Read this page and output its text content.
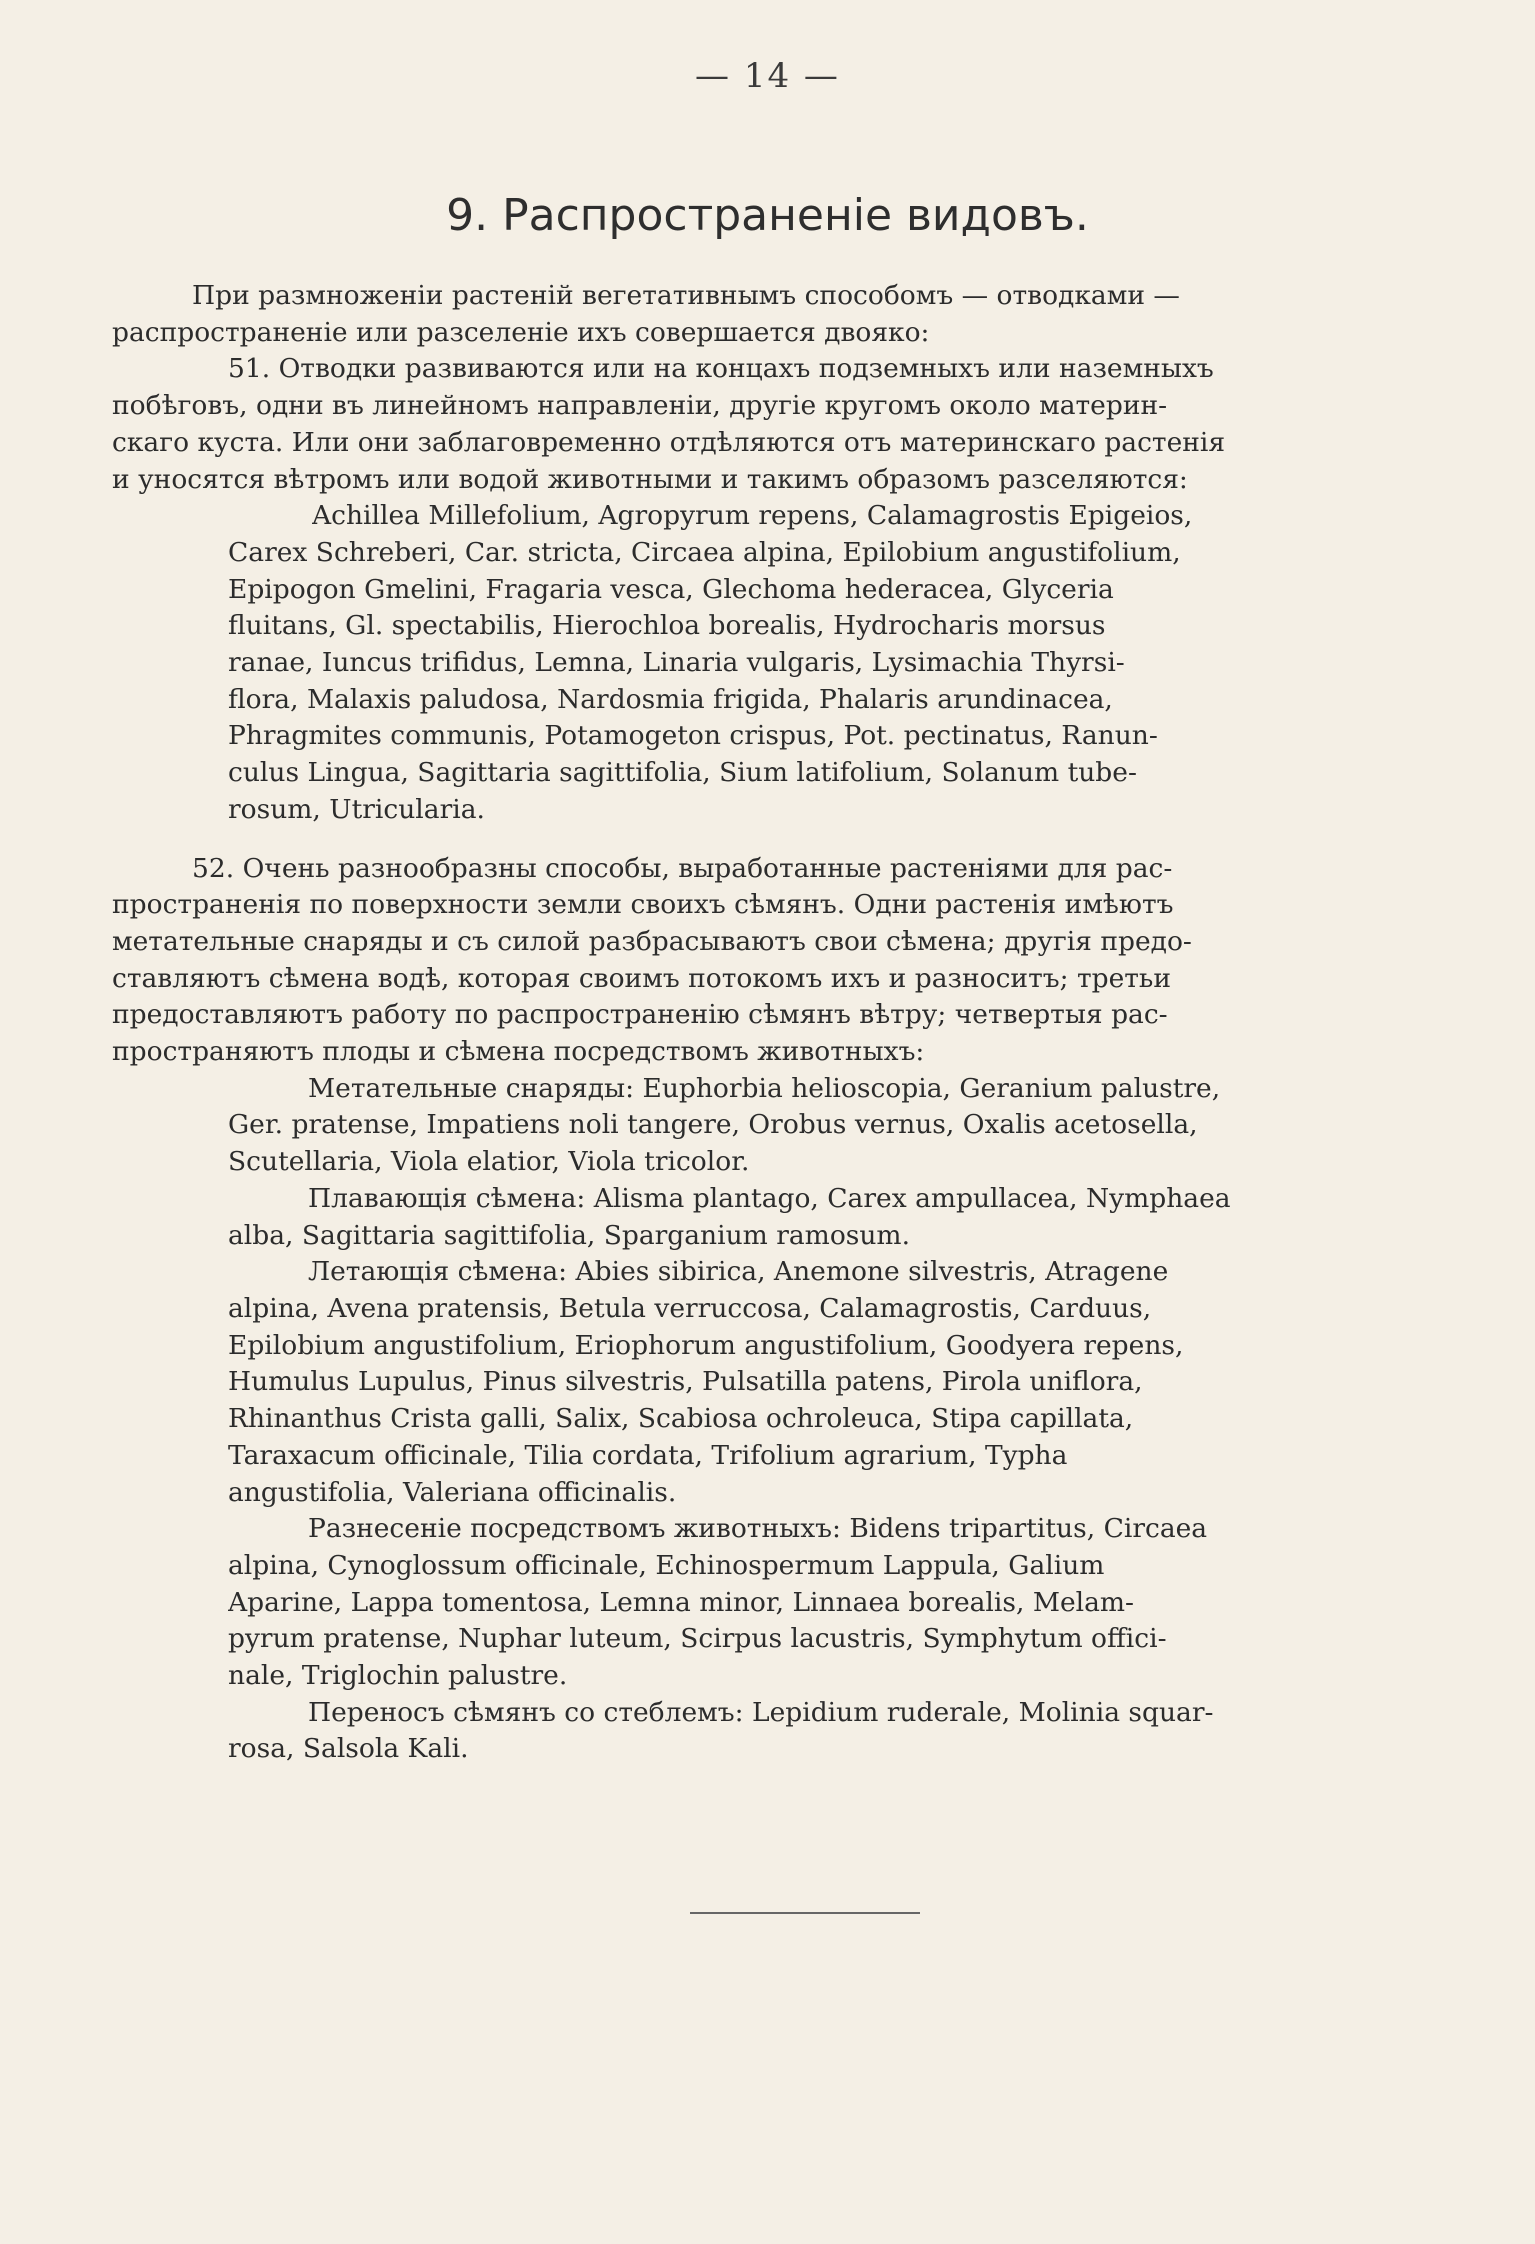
— 14 —
9. Распространеніе видовъ.
При размноженіи растеній вегетативнымъ способомъ — отводками —
распространеніе или разселеніе ихъ совершается двояко:
51. Отводки развиваются или на концахъ подземныхъ или наземныхъ
побѣговъ, одни въ линейномъ направленіи, другіе кругомъ около материн-
скаго куста. Или они заблаговременно отдѣляются отъ материнскаго растенія
и уносятся вѣтромъ или водой животными и такимъ образомъ разселяются:
Achillea Millefolium, Agropyrum repens, Calamagrostis Epigeios,
Carex Schreberi, Car. stricta, Circaea alpina, Epilobium angustifolium,
Epipogon Gmelini, Fragaria vesca, Glechoma hederacea, Glyceria
fluitans, Gl. spectabilis, Hierochloa borealis, Hydrocharis morsus
ranae, Iuncus trifidus, Lemna, Linaria vulgaris, Lysimachia Thyrsi-
flora, Malaxis paludosa, Nardosmia frigida, Phalaris arundinacea,
Phragmites communis, Potamogeton crispus, Pot. pectinatus, Ranun-
culus Lingua, Sagittaria sagittifolia, Sium latifolium, Solanum tube-
rosum, Utricularia.
52. Очень разнообразны способы, выработанные растеніями для рас-
пространенія по поверхности земли своихъ сѣмянъ. Одни растенія имѣютъ
метательные снаряды и съ силой разбрасываютъ свои сѣмена; другія предо-
ставляютъ сѣмена водѣ, которая своимъ потокомъ ихъ и разноситъ; третьи
предоставляютъ работу по распространенію сѣмянъ вѣтру; четвертыя рас-
пространяютъ плоды и сѣмена посредствомъ животныхъ:
Метательные снаряды: Euphorbia helioscopia, Geranium palustre,
Ger. pratense, Impatiens noli tangere, Orobus vernus, Oxalis acetosella,
Scutellaria, Viola elatior, Viola tricolor.
Плавающія сѣмена: Alisma plantago, Carex ampullacea, Nymphaea
alba, Sagittaria sagittifolia, Sparganium ramosum.
Летающія сѣмена: Abies sibirica, Anemone silvestris, Atragene
alpina, Avena pratensis, Betula verruccosa, Calamagrostis, Carduus,
Epilobium angustifolium, Eriophorum angustifolium, Goodyera repens,
Humulus Lupulus, Pinus silvestris, Pulsatilla patens, Pirola uniflora,
Rhinanthus Crista galli, Salix, Scabiosa ochroleuca, Stipa capillata,
Taraxacum officinale, Tilia cordata, Trifolium agrarium, Typha
angustifolia, Valeriana officinalis.
Разнесеніе посредствомъ животныхъ: Bidens tripartitus, Circaea
alpina, Cynoglossum officinale, Echinospermum Lappula, Galium
Aparine, Lappa tomentosa, Lemna minor, Linnaea borealis, Melam-
pyrum pratense, Nuphar luteum, Scirpus lacustris, Symphytum offici-
nale, Triglochin palustre.
Переносъ сѣмянъ со стеблемъ: Lepidium ruderale, Molinia squar-
rosa, Salsola Kali.
